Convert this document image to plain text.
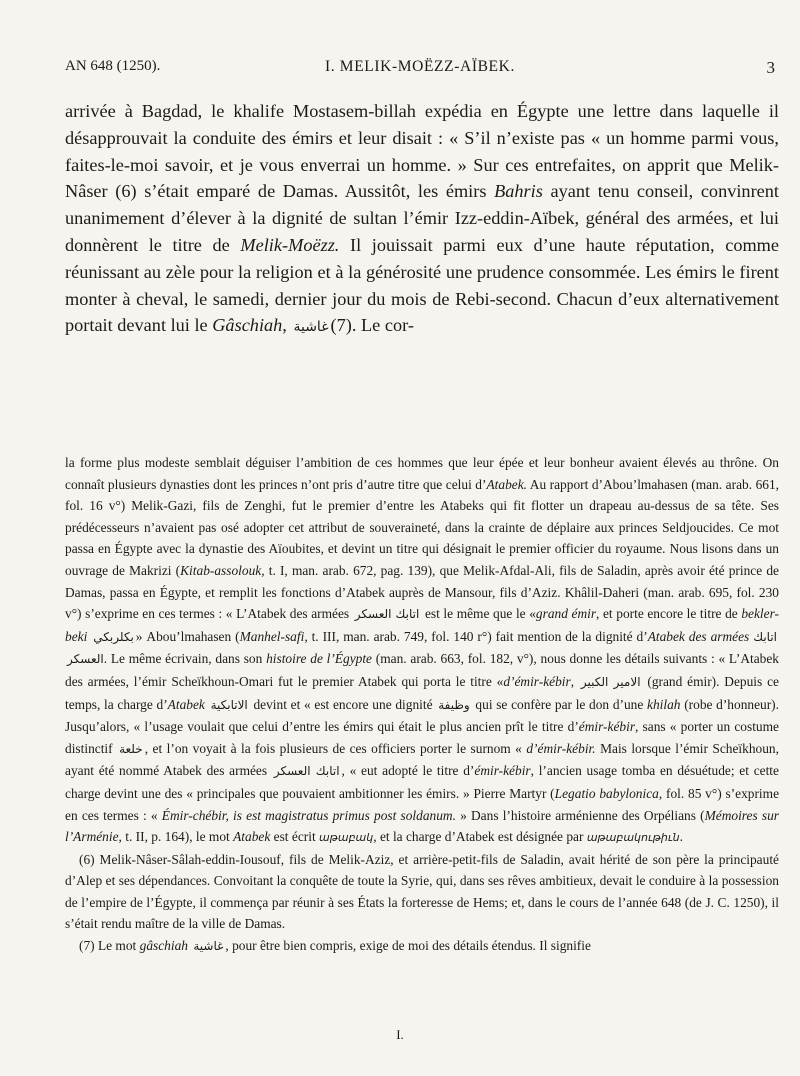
AN 648 (1250).	I. MELIK-MOËZZ-AÏBEK.	3

arrivée à Bagdad, le khalife Mostasem-billah expédia en Égypte une lettre dans laquelle il désapprouvait la conduite des émirs et leur disait : « S’il n’existe pas « un homme parmi vous, faites-le-moi savoir, et je vous enverrai un homme. » Sur ces entrefaites, on apprit que Melik-Nâser (6) s’était emparé de Damas. Aussitôt, les émirs Bahris ayant tenu conseil, convinrent unanimement d’élever à la dignité de sultan l’émir Izz-eddin-Aïbek, général des armées, et lui donnèrent le titre de Melik-Moëzz. Il jouissait parmi eux d’une haute réputation, comme réunissant au zèle pour la religion et à la générosité une prudence consommée. Les émirs le firent monter à cheval, le samedi, dernier jour du mois de Rebi-second. Chacun d’eux alternativement portait devant lui le Gâschiah, غاشية (7). Le cor-

la forme plus modeste semblait déguiser l’ambition de ces hommes que leur épée et leur bonheur avaient élevés au thrône. On connaît plusieurs dynasties dont les princes n’ont pris d’autre titre que celui d’Atabek. Au rapport d’Abou’lmahasen (man. arab. 661, fol. 16 v°) Melik-Gazi, fils de Zenghi, fut le premier d’entre les Atabeks qui fit flotter un drapeau au-dessus de sa tête. Ses prédécesseurs n’avaient pas osé adopter cet attribut de souveraineté, dans la crainte de déplaire aux princes Seldjoucides. Ce mot passa en Égypte avec la dynastie des Aïoubites, et devint un titre qui désignait le premier officier du royaume. Nous lisons dans un ouvrage de Makrizi (Kitab-assolouk, t. I, man. arab. 672, pag. 139), que Melik-Afdal-Ali, fils de Saladin, après avoir été prince de Damas, passa en Égypte, et remplit les fonctions d’Atabek auprès de Mansour, fils d’Aziz. Khâlil-Daheri (man. arab. 695, fol. 230 v°) s’exprime en ces termes : « L’Atabek des armées اتابك العسكر est le même que le «grand émir, et porte encore le titre de bekler-beki بكلربكي » Abou’lmahasen (Manhel-safi, t. III, man. arab. 749, fol. 140 r°) fait mention de la dignité d’Atabek des armées اتابك العسكر. Le même écrivain, dans son histoire de l’Égypte (man. arab. 663, fol. 182, v°), nous donne les détails suivants : « L’Atabek des armées, l’émir Scheïkhoun-Omari fut le premier Atabek qui porta le titre «d’émir-kébir, الامير الكبير (grand émir). Depuis ce temps, la charge d’Atabek الاتابكية devint et « est encore une dignité وظيفة qui se confère par le don d’une khilah (robe d’honneur). Jusqu’alors, « l’usage voulait que celui d’entre les émirs qui était le plus ancien prît le titre d’émir-kébir, sans « porter un costume distinctif خلعة , et l’on voyait à la fois plusieurs de ces officiers porter le surnom « d’émir-kébir. Mais lorsque l’émir Scheïkhoun, ayant été nommé Atabek des armées اتابك العسكر , « eut adopté le titre d’émir-kébir, l’ancien usage tomba en désuétude; et cette charge devint une des « principales que pouvaient ambitionner les émirs. » Pierre Martyr (Legatio babylonica, fol. 85 v°) s’exprime en ces termes : « Émir-chébir, is est magistratus primus post soldanum. » Dans l’histoire arménienne des Orpélians (Mémoires sur l’Arménie, t. II, p. 164), le mot Atabek est écrit աթաբակ, et la charge d’Atabek est désignée par աթաբակութիւն.

(6) Melik-Nâser-Sâlah-eddin-Iousouf, fils de Melik-Aziz, et arrière-petit-fils de Saladin, avait hérité de son père la principauté d’Alep et ses dépendances. Convoitant la conquête de toute la Syrie, qui, dans ses rêves ambitieux, devait le conduire à la possession de l’empire de l’Égypte, il commença par réunir à ses États la forteresse de Hems; et, dans le cours de l’année 648 (de J. C. 1250), il s’était rendu maître de la ville de Damas.

(7) Le mot gâschiah غاشية , pour être bien compris, exige de moi des détails étendus. Il signifie

I.
